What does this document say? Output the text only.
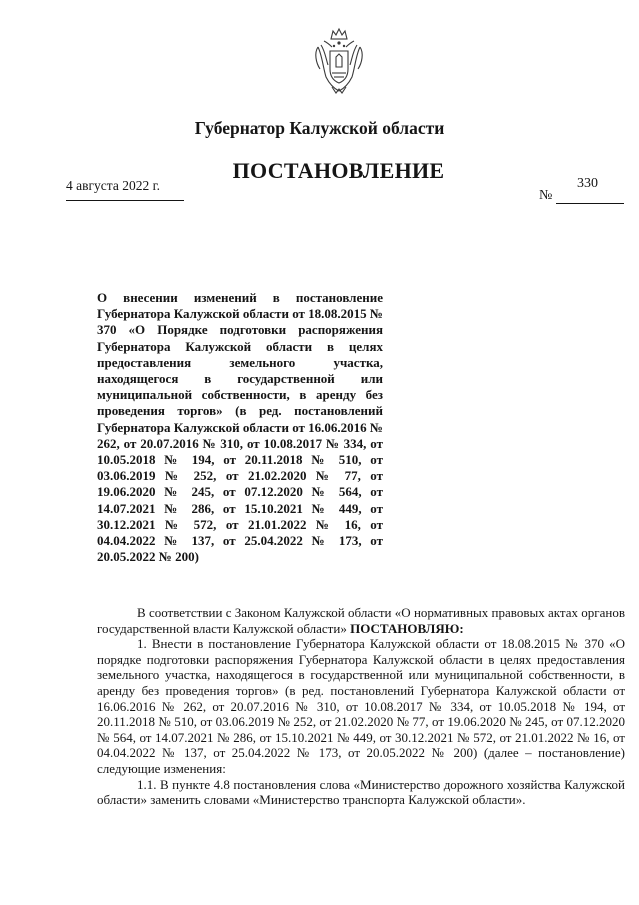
Губернатор Калужской области
ПОСТАНОВЛЕНИЕ
4 августа 2022 г.
№
330

О внесении изменений в постановление Губернатора Калужской области от 18.08.2015 № 370 «О Порядке подготовки распоряжения Губернатора Калужской области в целях предоставления земельного участка, находящегося в государственной или муниципальной собственности, в аренду без проведения торгов» (в ред. постановлений Губернатора Калужской области от 16.06.2016 № 262, от 20.07.2016 № 310, от 10.08.2017 № 334, от 10.05.2018 № 194, от 20.11.2018 № 510, от 03.06.2019 № 252, от 21.02.2020 № 77, от 19.06.2020 № 245, от 07.12.2020 № 564, от 14.07.2021 № 286, от 15.10.2021 № 449, от 30.12.2021 № 572, от 21.01.2022 № 16, от 04.04.2022 № 137, от 25.04.2022 № 173, от 20.05.2022 № 200)

В соответствии с Законом Калужской области «О нормативных правовых актах органов государственной власти Калужской области» ПОСТАНОВЛЯЮ:

1. Внести в постановление Губернатора Калужской области от 18.08.2015 № 370 «О порядке подготовки распоряжения Губернатора Калужской области в целях предоставления земельного участка, находящегося в государственной или муниципальной собственности, в аренду без проведения торгов» (в ред. постановлений Губернатора Калужской области от 16.06.2016 № 262, от 20.07.2016 № 310, от 10.08.2017 № 334, от 10.05.2018 № 194, от 20.11.2018 № 510, от 03.06.2019 № 252, от 21.02.2020 № 77, от 19.06.2020 № 245, от 07.12.2020 № 564, от 14.07.2021 № 286, от 15.10.2021 № 449, от 30.12.2021 № 572, от 21.01.2022 № 16, от 04.04.2022 № 137, от 25.04.2022 № 173, от 20.05.2022 № 200) (далее – постановление) следующие изменения:

1.1. В пункте 4.8 постановления слова «Министерство дорожного хозяйства Калужской области» заменить словами «Министерство транспорта Калужской области».
